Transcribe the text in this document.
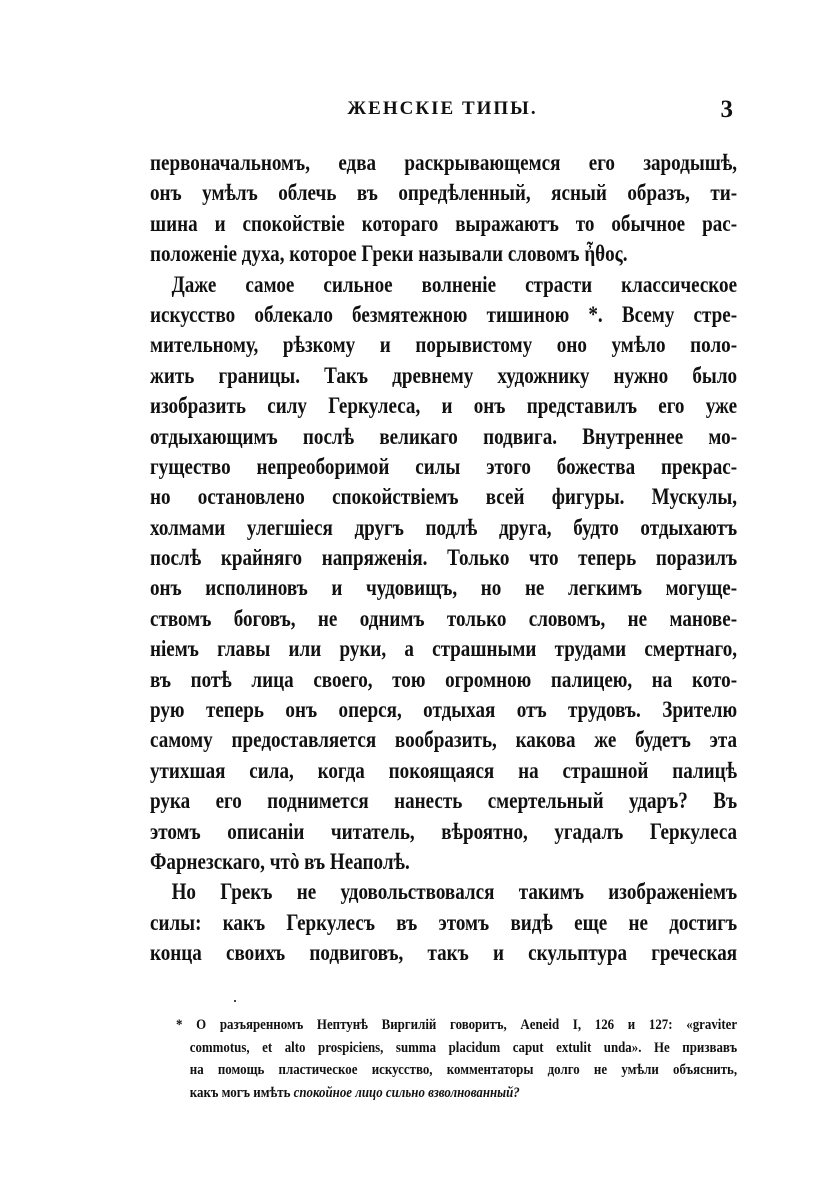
ЖЕНСКІЕ ТИПЫ.	3
первоначальномъ, едва раскрывающемся его зародышѣ,
онъ умѣлъ облечь въ опредѣленный, ясный образъ, ти-
шина и спокойствіе котораго выражаютъ то обычное рас-
положеніе духа, которое Греки называли словомъ ἦθος.
Даже самое сильное волненіе страсти классическое
искусство облекало безмятежною тишиною *. Всему стре-
мительному, рѣзкому и порывистому оно умѣло поло-
жить границы. Такъ древнему художнику нужно было
изобразить силу Геркулеса, и онъ представилъ его уже
отдыхающимъ послѣ великаго подвига. Внутреннее мо-
гущество непреоборимой силы этого божества прекрас-
но остановлено спокойствіемъ всей фигуры. Мускулы,
холмами улегшіеся другъ подлѣ друга, будто отдыхаютъ
послѣ крайняго напряженія. Только что теперь поразилъ
онъ исполиновъ и чудовищъ, но не легкимъ могуще-
ствомъ боговъ, не однимъ только словомъ, не манове-
ніемъ главы или руки, а страшными трудами смертнаго,
въ потѣ лица своего, тою огромною палицею, на кото-
рую теперь онъ оперся, отдыхая отъ трудовъ. Зрителю
самому предоставляется вообразить, какова же будетъ эта
утихшая сила, когда покоящаяся на страшной палицѣ
рука его поднимется нанесть смертельный ударъ? Въ
этомъ описаніи читатель, вѣроятно, угадалъ Геркулеса
Фарнезскаго, чтò въ Неаполѣ.
Но Грекъ не удовольствовался такимъ изображеніемъ
силы: какъ Геркулесъ въ этомъ видѣ еще не достигъ
конца своихъ подвиговъ, такъ и скульптура греческая
* О разъяренномъ Нептунѣ Виргилій говоритъ, Aeneid I, 126 и 127: «graviter
commotus, et alto prospiciens, summa placidum caput extulit unda». Не призвавъ
на помощь пластическое искусство, комментаторы долго не умѣли объяснить,
какъ могъ имѣть спокойное лицо сильно взволнованный?
